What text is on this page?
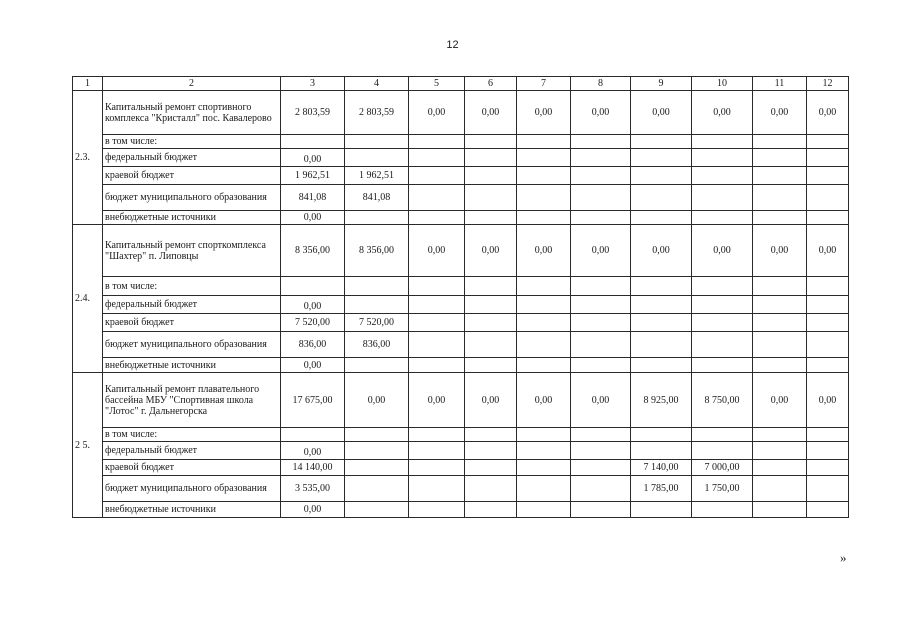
12
1	2	3	4	5	6	7	8	9	10	11	12
2.3.	Капитальный ремонт спортивного комплекса "Кристалл" пос. Кавалерово	2 803,59	2 803,59	0,00	0,00	0,00	0,00	0,00	0,00	0,00	0,00
	в том числе:										
	федеральный бюджет	0,00									
	краевой бюджет	1 962,51	1 962,51								
	бюджет муниципального образования	841,08	841,08								
	внебюджетные источники	0,00									
2.4.	Капитальный ремонт спорткомплекса "Шахтер" п. Липовцы	8 356,00	8 356,00	0,00	0,00	0,00	0,00	0,00	0,00	0,00	0,00
	в том числе:										
	федеральный бюджет	0,00									
	краевой бюджет	7 520,00	7 520,00								
	бюджет муниципального образования	836,00	836,00								
	внебюджетные источники	0,00									
2 5.	Капитальный ремонт плавательного бассейна МБУ "Спортивная школа "Лотос" г. Дальнегорска	17 675,00	0,00	0,00	0,00	0,00	0,00	8 925,00	8 750,00	0,00	0,00
	в том числе:										
	федеральный бюджет	0,00									
	краевой бюджет	14 140,00						7 140,00	7 000,00		
	бюджет муниципального образования	3 535,00						1 785,00	1 750,00		
	внебюджетные источники	0,00									
»
